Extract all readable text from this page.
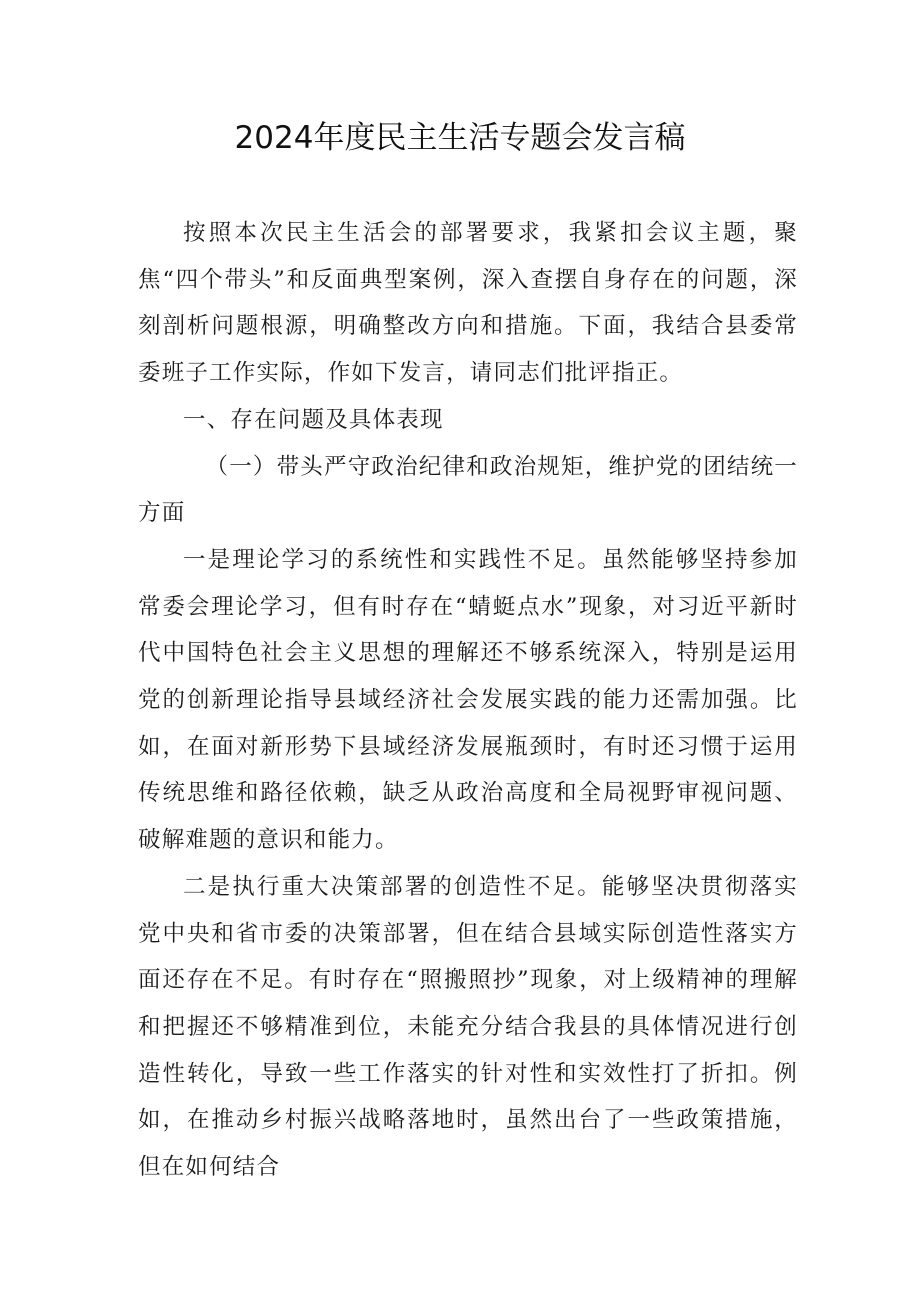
2024年度民主生活专题会发言稿

按照本次民主生活会的部署要求，我紧扣会议主题，聚焦“四个带头”和反面典型案例，深入查摆自身存在的问题，深刻剖析问题根源，明确整改方向和措施。下面，我结合县委常委班子工作实际，作如下发言，请同志们批评指正。

一、存在问题及具体表现

（一）带头严守政治纪律和政治规矩，维护党的团结统一方面

一是理论学习的系统性和实践性不足。虽然能够坚持参加常委会理论学习，但有时存在“蜻蜓点水”现象，对习近平新时代中国特色社会主义思想的理解还不够系统深入，特别是运用党的创新理论指导县域经济社会发展实践的能力还需加强。比如，在面对新形势下县域经济发展瓶颈时，有时还习惯于运用传统思维和路径依赖，缺乏从政治高度和全局视野审视问题、破解难题的意识和能力。

二是执行重大决策部署的创造性不足。能够坚决贯彻落实党中央和省市委的决策部署，但在结合县域实际创造性落实方面还存在不足。有时存在“照搬照抄”现象，对上级精神的理解和把握还不够精准到位，未能充分结合我县的具体情况进行创造性转化，导致一些工作落实的针对性和实效性打了折扣。例如，在推动乡村振兴战略落地时，虽然出台了一些政策措施，但在如何结合
